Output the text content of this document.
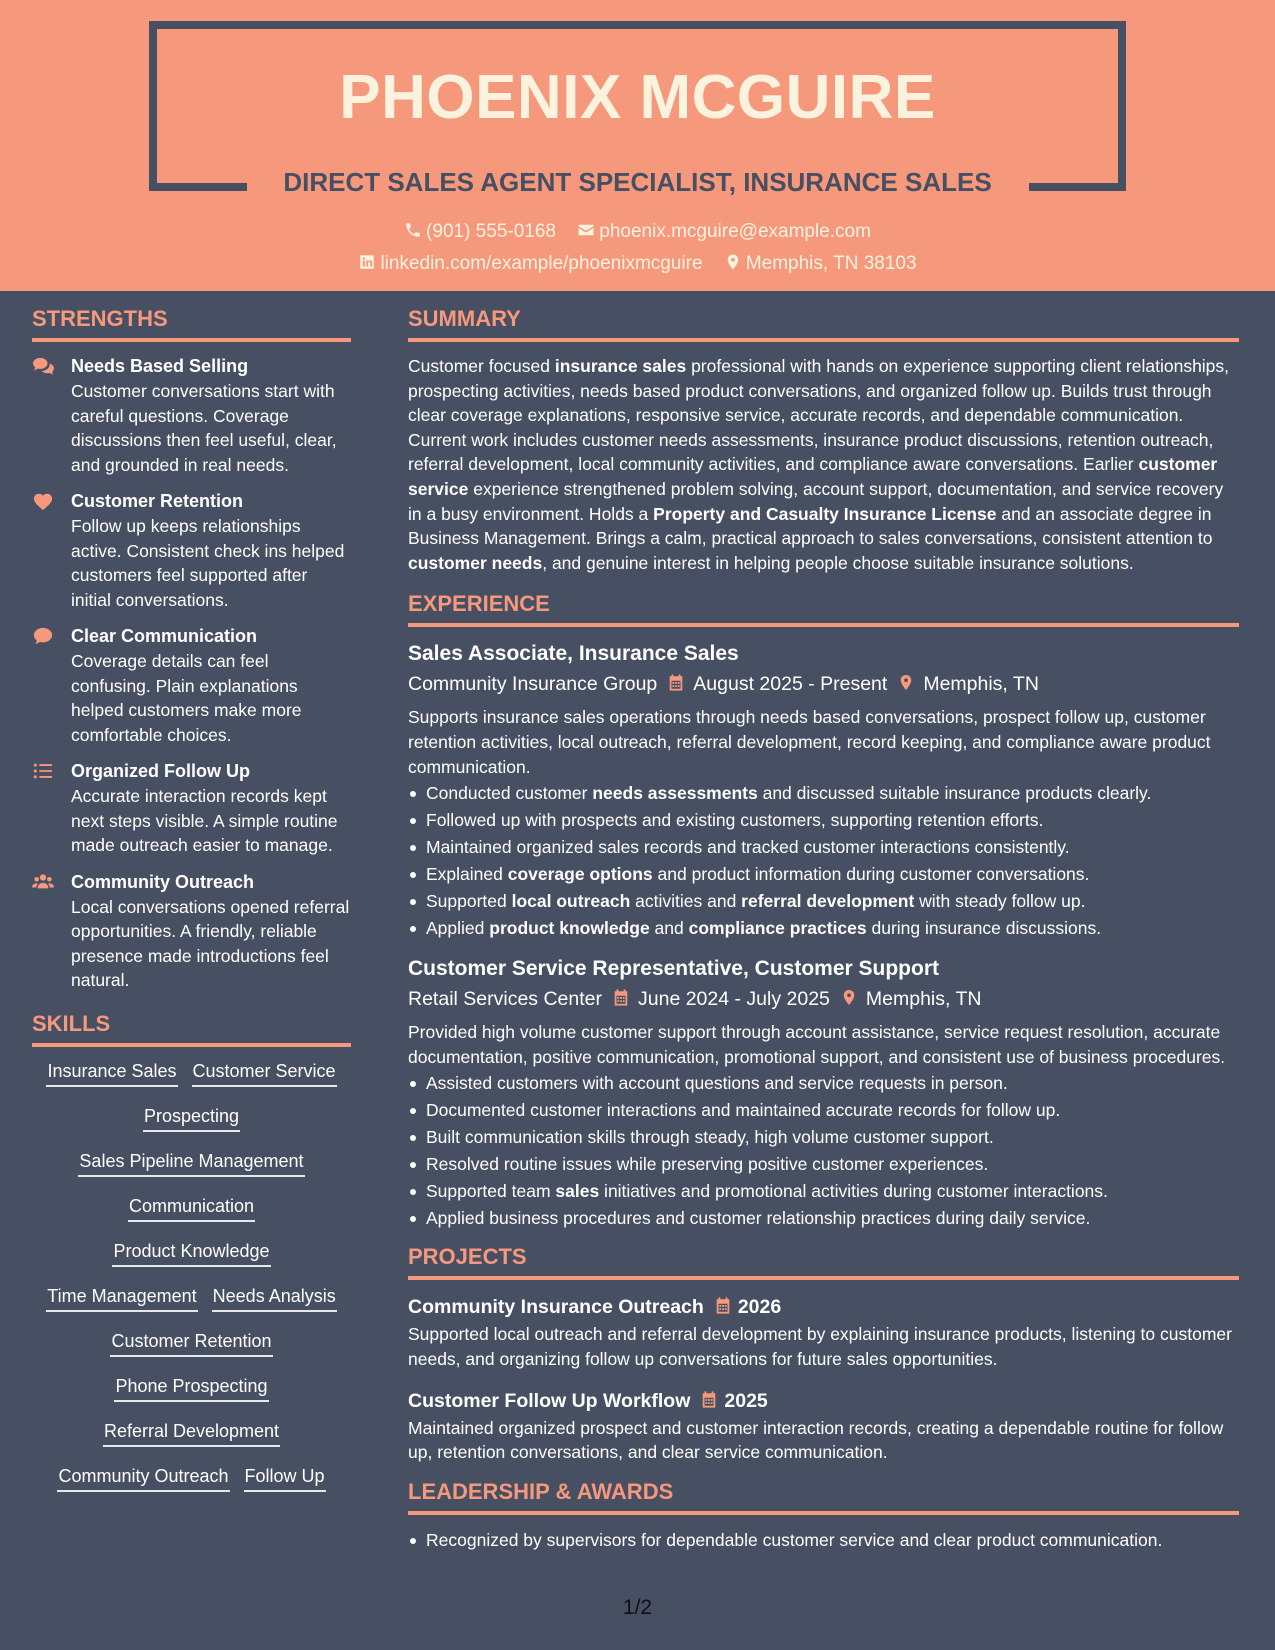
PHOENIX MCGUIRE
DIRECT SALES AGENT SPECIALIST, INSURANCE SALES
(901) 555-0168 phoenix.mcguire@example.com
linkedin.com/example/phoenixmcguire Memphis, TN 38103
STRENGTHS
Needs Based Selling
Customer conversations start with careful questions. Coverage discussions then feel useful, clear, and grounded in real needs.
Customer Retention
Follow up keeps relationships active. Consistent check ins helped customers feel supported after initial conversations.
Clear Communication
Coverage details can feel confusing. Plain explanations helped customers make more comfortable choices.
Organized Follow Up
Accurate interaction records kept next steps visible. A simple routine made outreach easier to manage.
Community Outreach
Local conversations opened referral opportunities. A friendly, reliable presence made introductions feel natural.
SKILLS
Insurance Sales Customer Service
Prospecting
Sales Pipeline Management
Communication
Product Knowledge
Time Management Needs Analysis
Customer Retention
Phone Prospecting
Referral Development
Community Outreach Follow Up
SUMMARY
Customer focused insurance sales professional with hands on experience supporting client relationships, prospecting activities, needs based product conversations, and organized follow up. Builds trust through clear coverage explanations, responsive service, accurate records, and dependable communication. Current work includes customer needs assessments, insurance product discussions, retention outreach, referral development, local community activities, and compliance aware conversations. Earlier customer service experience strengthened problem solving, account support, documentation, and service recovery in a busy environment. Holds a Property and Casualty Insurance License and an associate degree in Business Management. Brings a calm, practical approach to sales conversations, consistent attention to customer needs, and genuine interest in helping people choose suitable insurance solutions.
EXPERIENCE
Sales Associate, Insurance Sales
Community Insurance Group August 2025 - Present Memphis, TN
Supports insurance sales operations through needs based conversations, prospect follow up, customer retention activities, local outreach, referral development, record keeping, and compliance aware product communication.
Conducted customer needs assessments and discussed suitable insurance products clearly.
Followed up with prospects and existing customers, supporting retention efforts.
Maintained organized sales records and tracked customer interactions consistently.
Explained coverage options and product information during customer conversations.
Supported local outreach activities and referral development with steady follow up.
Applied product knowledge and compliance practices during insurance discussions.
Customer Service Representative, Customer Support
Retail Services Center June 2024 - July 2025 Memphis, TN
Provided high volume customer support through account assistance, service request resolution, accurate documentation, positive communication, promotional support, and consistent use of business procedures.
Assisted customers with account questions and service requests in person.
Documented customer interactions and maintained accurate records for follow up.
Built communication skills through steady, high volume customer support.
Resolved routine issues while preserving positive customer experiences.
Supported team sales initiatives and promotional activities during customer interactions.
Applied business procedures and customer relationship practices during daily service.
PROJECTS
Community Insurance Outreach 2026
Supported local outreach and referral development by explaining insurance products, listening to customer needs, and organizing follow up conversations for future sales opportunities.
Customer Follow Up Workflow 2025
Maintained organized prospect and customer interaction records, creating a dependable routine for follow up, retention conversations, and clear service communication.
LEADERSHIP & AWARDS
Recognized by supervisors for dependable customer service and clear product communication.
1/2
